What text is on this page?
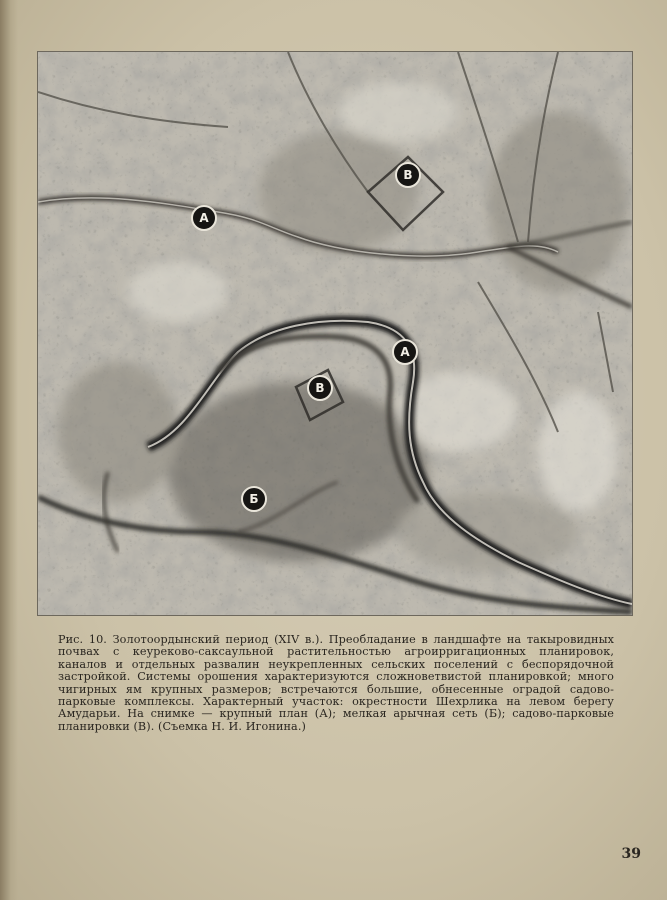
А
В
А
В
Б
Рис. 10. Золотоордынский период (XIV в.). Преобладание в ландшафте на такыровидных почвах с кеуреково-саксаульной растительностью агроирригационных планировок, каналов и отдельных развалин неукрепленных сельских поселений с беспорядочной застройкой. Системы орошения характеризуются сложноветвистой планировкой; много чигирных ям крупных размеров; встречаются большие, обнесенные оградой садово-парковые комплексы. Характерный участок: окрестности Шехрлика на левом берегу Амударьи. На снимке — крупный план (А); мелкая арычная сеть (Б); садово-парковые планировки (В). (Съемка Н. И. Игонина.)
39
